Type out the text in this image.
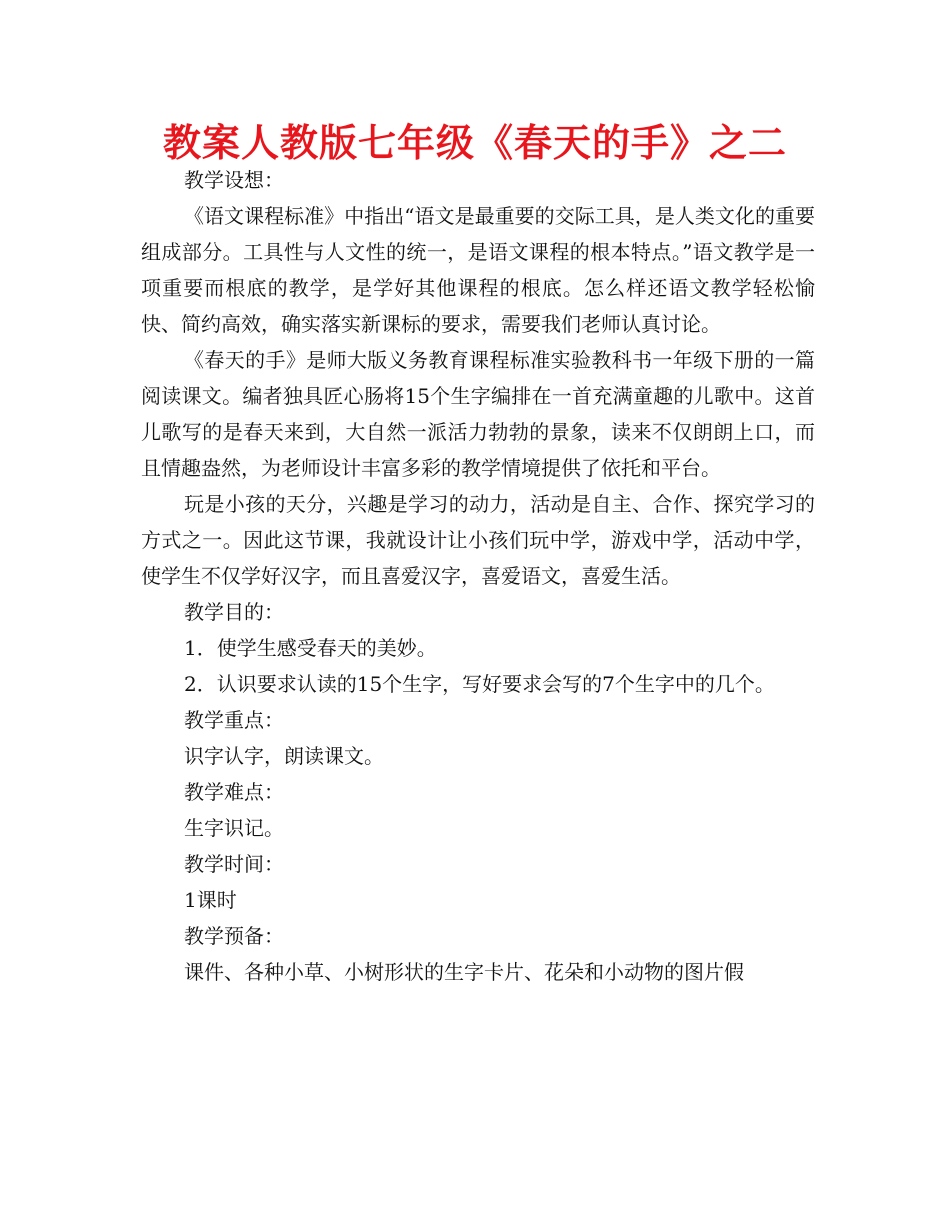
教案人教版七年级《春天的手》之二

教学设想：

《语文课程标准》中指出“语文是最重要的交际工具，是人类文化的重要组成部分。工具性与人文性的统一，是语文课程的根本特点。”语文教学是一项重要而根底的教学，是学好其他课程的根底。怎么样还语文教学轻松愉快、简约高效，确实落实新课标的要求，需要我们老师认真讨论。

《春天的手》是师大版义务教育课程标准实验教科书一年级下册的一篇阅读课文。编者独具匠心肠将15个生字编排在一首充满童趣的儿歌中。这首儿歌写的是春天来到，大自然一派活力勃勃的景象，读来不仅朗朗上口，而且情趣盎然，为老师设计丰富多彩的教学情境提供了依托和平台。

玩是小孩的天分，兴趣是学习的动力，活动是自主、合作、探究学习的方式之一。因此这节课，我就设计让小孩们玩中学，游戏中学，活动中学，使学生不仅学好汉字，而且喜爱汉字，喜爱语文，喜爱生活。

教学目的：

1．使学生感受春天的美妙。

2．认识要求认读的15个生字，写好要求会写的7个生字中的几个。

教学重点：

识字认字，朗读课文。

教学难点：

生字识记。

教学时间：

1课时

教学预备：

课件、各种小草、小树形状的生字卡片、花朵和小动物的图片假
